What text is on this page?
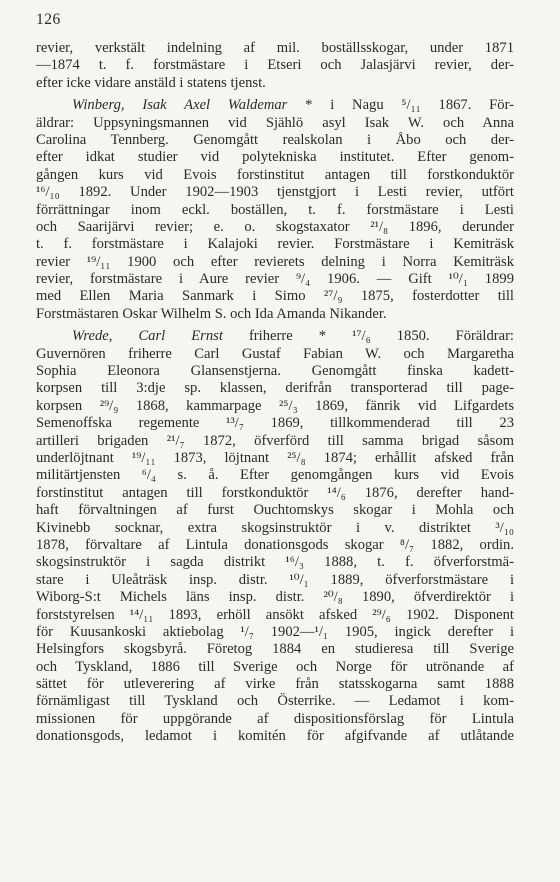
126
revier, verkstält indelning af mil. boställsskogar, under 1871
—1874 t. f. forstmästare i Etseri och Jalasjärvi revier, der-
efter icke vidare anstäld i statens tjenst.
Winberg, Isak Axel Waldemar * i Nagu ⁵/₁₁ 1867. För-
äldrar: Uppsyningsmannen vid Sjählö asyl Isak W. och Anna
Carolina Tennberg. Genomgått realskolan i Åbo och der-
efter idkat studier vid polytekniska institutet. Efter genom-
gången kurs vid Evois forstinstitut antagen till forstkonduktör
¹⁶/₁₀ 1892. Under 1902—1903 tjenstgjort i Lesti revier, utfört
förrättningar inom eckl. boställen, t. f. forstmästare i Lesti
och Saarijärvi revier; e. o. skogstaxator ²¹/₈ 1896, derunder
t. f. forstmästare i Kalajoki revier. Forstmästare i Kemiträsk
revier ¹⁹/₁₁ 1900 och efter revierets delning i Norra Kemiträsk
revier, forstmästare i Aure revier ⁹/₄ 1906. — Gift ¹⁰/₁ 1899
med Ellen Maria Sanmark i Simo ²⁷/₉ 1875, fosterdotter till
Forstmästaren Oskar Wilhelm S. och Ida Amanda Nikander.
Wrede, Carl Ernst friherre * ¹⁷/₆ 1850. Föräldrar:
Guvernören friherre Carl Gustaf Fabian W. och Margaretha
Sophia Eleonora Glansenstjerna. Genomgått finska kadett-
korpsen till 3:dje sp. klassen, derifrån transporterad till page-
korpsen ²⁹/₉ 1868, kammarpage ²⁵/₃ 1869, fänrik vid Lifgardets
Semenoffska regemente ¹³/₇ 1869, tillkommenderad till 23
artilleri brigaden ²¹/₇ 1872, öfverförd till samma brigad såsom
underlöjtnant ¹⁹/₁₁ 1873, löjtnant ²⁵/₈ 1874; erhållit afsked från
militärtjensten ⁶/₄ s. å. Efter genomgången kurs vid Evois
forstinstitut antagen till forstkonduktör ¹⁴/₆ 1876, derefter hand-
haft förvaltningen af furst Ouchtomskys skogar i Mohla och
Kivinebb socknar, extra skogsinstruktör i v. distriktet ³/₁₀
1878, förvaltare af Lintula donationsgods skogar ⁸/₇ 1882, ordin.
skogsinstruktör i sagda distrikt ¹⁶/₃ 1888, t. f. öfverforstmä-
stare i Uleåträsk insp. distr. ¹⁰/₁ 1889, öfverforstmästare i
Wiborg-S:t Michels läns insp. distr. ²⁰/₈ 1890, öfverdirektör i
forststyrelsen ¹⁴/₁₁ 1893, erhöll ansökt afsked ²⁹/₆ 1902. Disponent
för Kuusankoski aktiebolag ¹/₇ 1902—¹/₁ 1905, ingick derefter i
Helsingfors skogsbyrå. Företog 1884 en studieresa till Sverige
och Tyskland, 1886 till Sverige och Norge för utrönande af
sättet för utleverering af virke från statsskogarna samt 1888
förnämligast till Tyskland och Österrike. — Ledamot i kom-
missionen för uppgörande af dispositionsförslag för Lintula
donationsgods, ledamot i komitén för afgifvande af utlåtande
